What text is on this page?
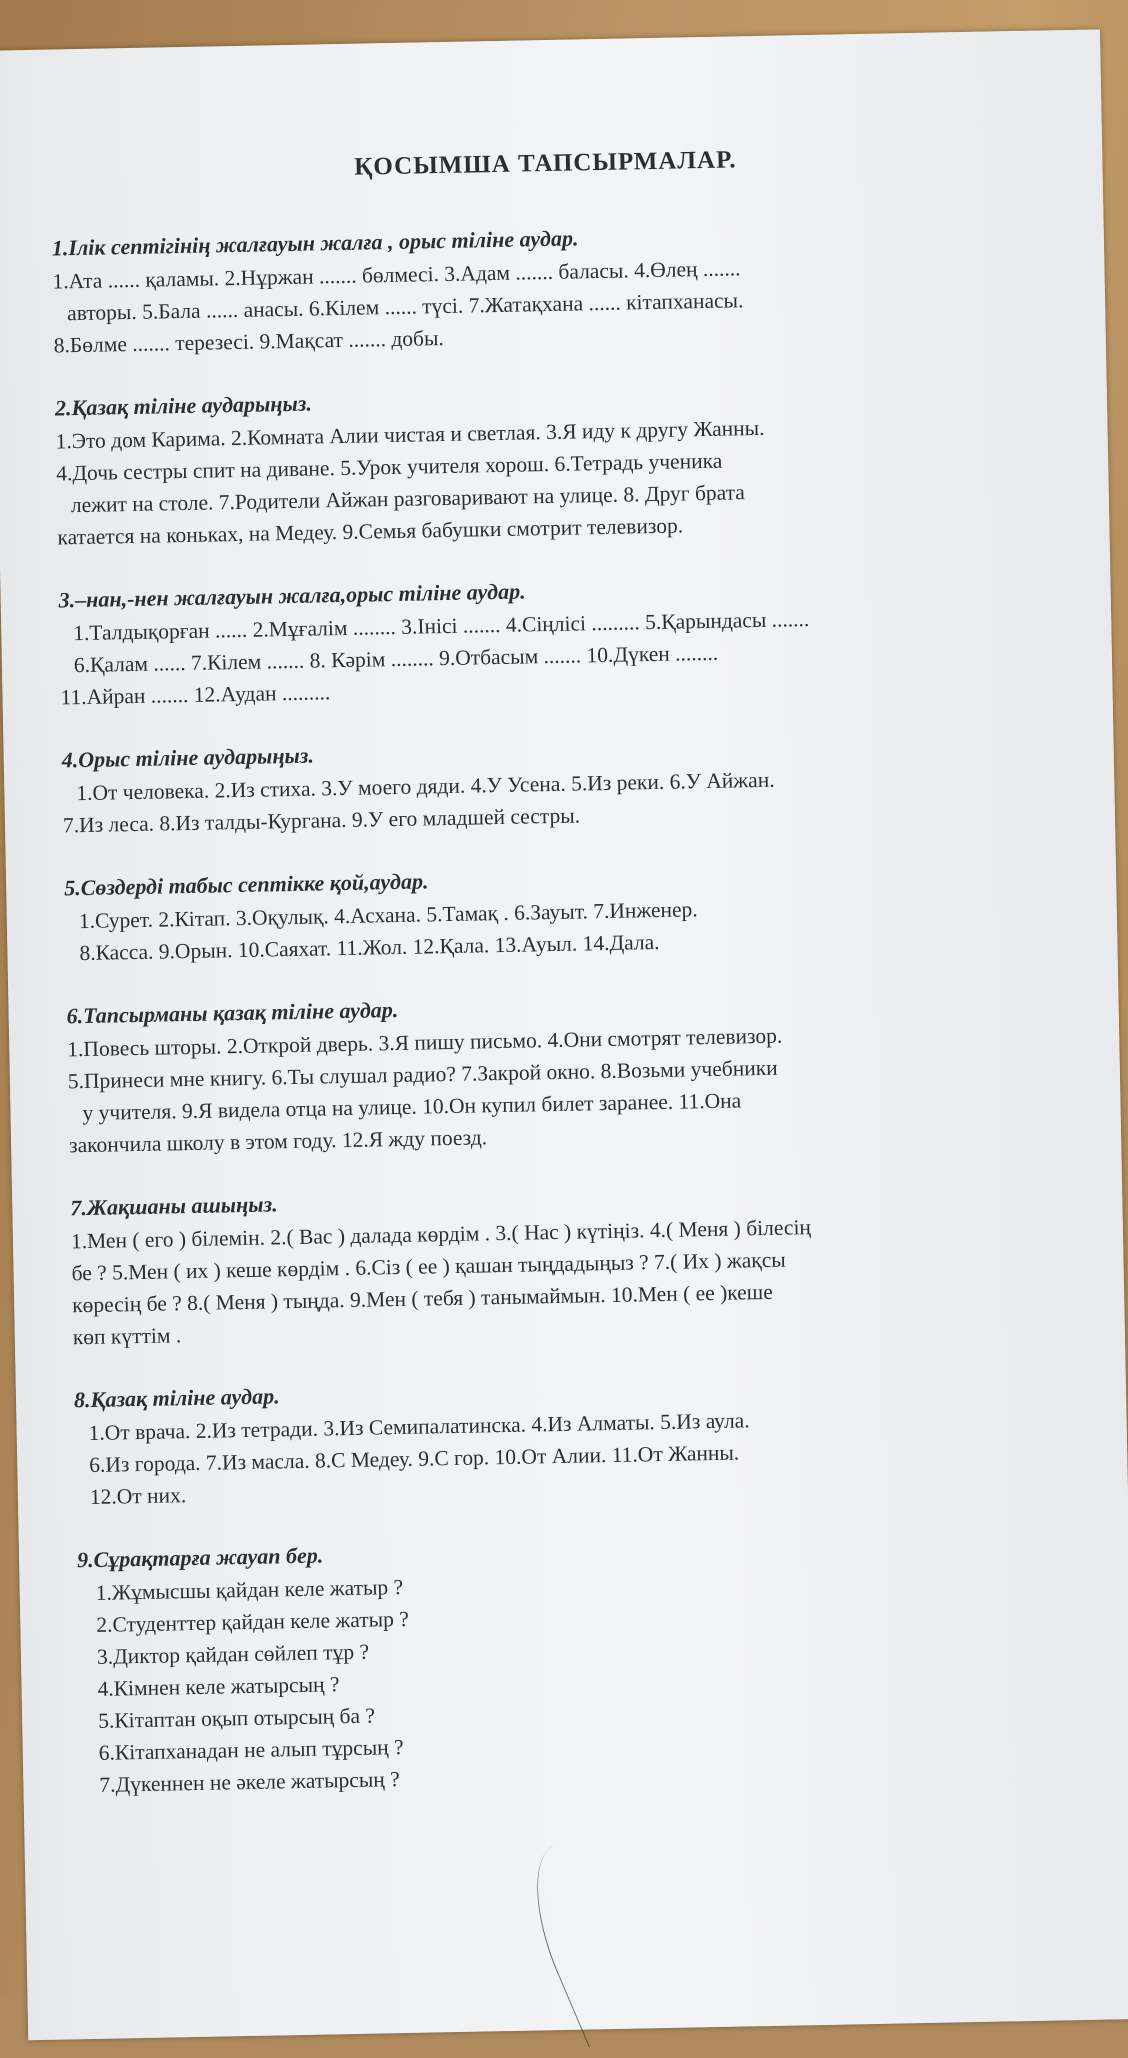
ҚОСЫМША ТАПСЫРМАЛАР.
1.Ілік септігінің жалғауын жалға , орыс тіліне аудар.
1.Ата ...... қаламы. 2.Нұржан ....... бөлмесі. 3.Адам ....... баласы. 4.Өлең .......
авторы. 5.Бала ...... анасы. 6.Кілем ...... түсі. 7.Жатақхана ...... кітапханасы.
8.Бөлме ....... терезесі. 9.Мақсат ....... добы.
2.Қазақ тіліне аударыңыз.
1.Это дом Карима. 2.Комната Алии чистая и светлая. 3.Я иду к другу Жанны.
4.Дочь сестры спит на диване. 5.Урок учителя хорош. 6.Тетрадь ученика
лежит на столе. 7.Родители Айжан разговаривают на улице. 8. Друг брата
катается на коньках, на Медеу. 9.Семья бабушки смотрит телевизор.
3.–нан,-нен жалғауын жалға,орыс тіліне аудар.
1.Талдықорған ...... 2.Мұғалім ........ 3.Інісі ....... 4.Сіңлісі ......... 5.Қарындасы .......
6.Қалам ...... 7.Кілем ....... 8. Кәрім ........ 9.Отбасым ....... 10.Дүкен ........
11.Айран ....... 12.Аудан .........
4.Орыс тіліне аударыңыз.
1.От человека. 2.Из стиха. 3.У моего дяди. 4.У Усена. 5.Из реки. 6.У Айжан.
7.Из леса. 8.Из талды-Кургана. 9.У его младшей сестры.
5.Сөздерді табыс септікке қой,аудар.
1.Сурет. 2.Кітап. 3.Оқулық. 4.Асхана. 5.Тамақ . 6.Зауыт. 7.Инженер.
8.Касса. 9.Орын. 10.Саяхат. 11.Жол. 12.Қала. 13.Ауыл. 14.Дала.
6.Тапсырманы қазақ тіліне аудар.
1.Повесь шторы. 2.Открой дверь. 3.Я пишу письмо. 4.Они смотрят телевизор.
5.Принеси мне книгу. 6.Ты слушал радио? 7.Закрой окно. 8.Возьми учебники
у учителя. 9.Я видела отца на улице. 10.Он купил билет заранее. 11.Она
закончила школу в этом году. 12.Я жду поезд.
7.Жақшаны ашыңыз.
1.Мен ( его ) білемін. 2.( Вас ) далада көрдім . 3.( Нас ) күтіңіз. 4.( Меня ) білесің
бе ? 5.Мен ( их ) кеше көрдім . 6.Сіз ( ее ) қашан тыңдадыңыз ? 7.( Их ) жақсы
көресің бе ? 8.( Меня ) тыңда. 9.Мен ( тебя ) танымаймын. 10.Мен ( ее )кеше
көп күттім .
8.Қазақ тіліне аудар.
1.От врача. 2.Из тетради. 3.Из Семипалатинска. 4.Из Алматы. 5.Из аула.
6.Из города. 7.Из масла. 8.С Медеу. 9.С гор. 10.От Алии. 11.От Жанны.
12.От них.
9.Сұрақтарға жауап бер.
1.Жұмысшы қайдан келе жатыр ?
2.Студенттер қайдан келе жатыр ?
3.Диктор қайдан сөйлеп тұр ?
4.Кімнен келе жатырсың ?
5.Кітаптан оқып отырсың ба ?
6.Кітапханадан не алып тұрсың ?
7.Дүкеннен не әкеле жатырсың ?
